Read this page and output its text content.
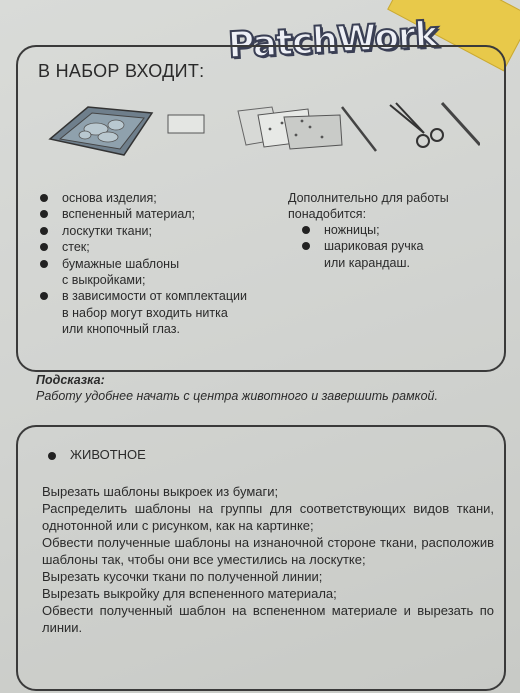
PatchWork
В НАБОР ВХОДИТ:
основа изделия;
вспененный материал;
лоскутки ткани;
стек;
бумажные шаблоны
с выкройками;
в зависимости от комплектации
в набор могут входить нитка
или кнопочный глаз.
Дополнительно для работы понадобится:
ножницы;
шариковая ручка
или карандаш.
Подсказка:
Работу удобнее начать с центра животного и завершить рамкой.
ЖИВОТНОЕ

Вырезать шаблоны выкроек из бумаги;

Распределить шаблоны на группы для соответствующих видов ткани, однотонной или с рисунком, как на картинке;

Обвести полученные шаблоны на изнаночной стороне ткани, расположив шаблоны так, чтобы они все уместились на лоскутке;

Вырезать кусочки ткани по полученной линии;

Вырезать выкройку для вспененного материала;

Обвести полученный шаблон на вспененном материале и вырезать по линии.
